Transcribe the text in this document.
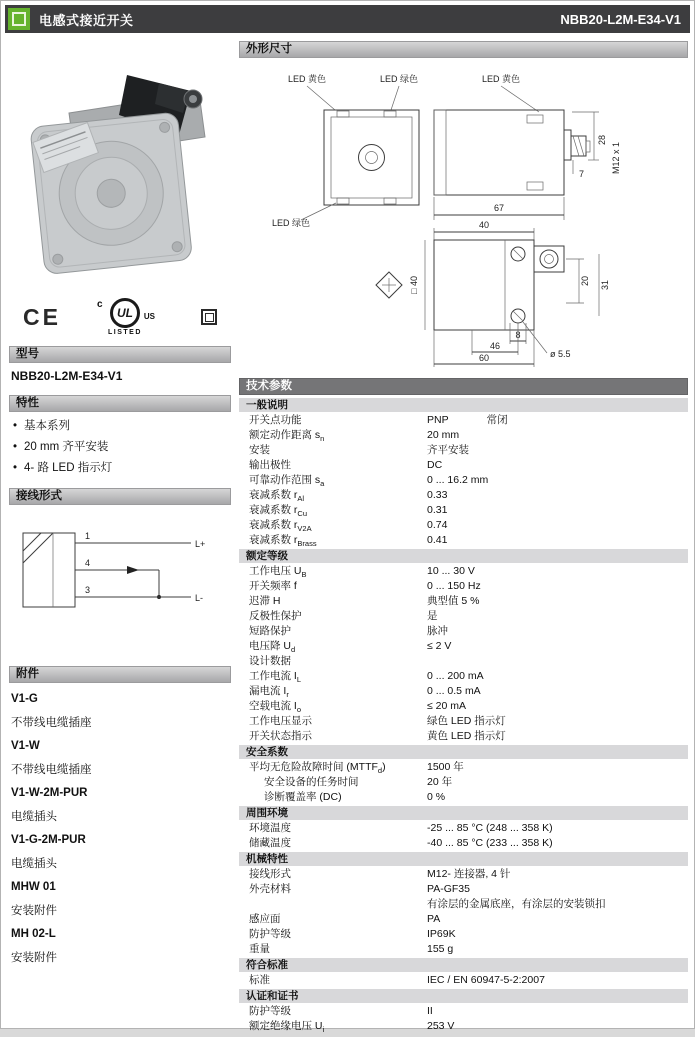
电感式接近开关	NBB20-L2M-E34-V1
CE	c
UL	US
LISTED
型号
NBB20-L2M-E34-V1
特性
• 基本系列
• 20 mm 齐平安装
• 4- 路 LED 指示灯
接线形式
1
4
3
L+
L-
附件
V1-G
不带线电缆插座
V1-W
不带线电缆插座
V1-W-2M-PUR
电缆插头
V1-G-2M-PUR
电缆插头
MHW 01
安装附件
MH 02-L
安装附件
外形尺寸
LED 黄色	LED 绿色	LED 黄色
LED 绿色
67
28
7	M12 x 1
40
□ 40	20 31
8
46
60	ø 5.5
技术参数
一般说明
开关点功能	PNP	常闭
额定动作距离 $s_n$	20 mm
安装	齐平安装
输出极性	DC
可靠动作范围 $s_a$	0 ... 16.2 mm
衰减系数 $r_{Al}$	0.33
衰减系数 $r_{Cu}$	0.31
衰减系数 $r_{V2A}$	0.74
衰减系数 $r_{Brass}$	0.41
额定等级
工作电压 $U_B$	10 ... 30 V
开关频率 f	0 ... 150 Hz
迟滞 H	典型值 5 %
反极性保护	是
短路保护	脉冲
电压降 $U_d$	≤ 2 V
设计数据
工作电流 $I_L$	0 ... 200 mA
漏电流 $I_r$	0 ... 0.5 mA
空载电流 $I_o$	≤ 20 mA
工作电压显示	绿色 LED 指示灯
开关状态指示	黄色 LED 指示灯
安全系数
平均无危险故障时间 $(MTTF_d)$	1500 年
安全设备的任务时间	20 年
诊断覆盖率 (DC)	0 %
周围环境
环境温度	-25 ... 85 °C (248 ... 358 K)
储藏温度	-40 ... 85 °C (233 ... 358 K)
机械特性
接线形式	M12- 连接器, 4 针
外壳材料	PA-GF35
有涂层的金属底座，有涂层的安装锁扣
感应面	PA
防护等级	IP69K
重量	155 g
符合标准
标准	IEC / EN 60947-5-2:2007
认证和证书
防护等级	II
额定绝缘电压 $U_i$	253 V
